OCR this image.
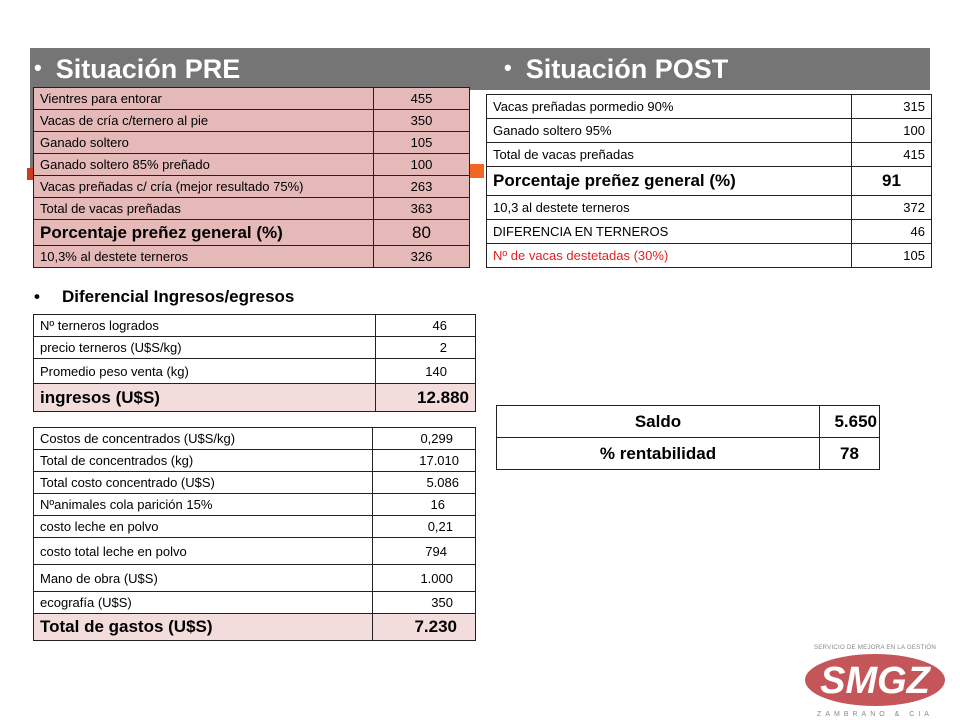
• Situación PRE	• Situación POST
Vientres para entorar	455
Vacas de cría c/ternero al pie	350
Ganado soltero	105
Ganado soltero 85% preñado	100
Vacas preñadas c/ cría (mejor resultado 75%)	263
Total de vacas preñadas	363
Porcentaje preñez general (%)	80
10,3% al destete terneros	326
Vacas preñadas pormedio 90%	315
Ganado soltero 95%	100
Total de vacas preñadas	415
Porcentaje preñez general (%)	91
10,3 al destete terneros	372
DIFERENCIA EN TERNEROS	46
Nº de vacas destetadas (30%)	105
• Diferencial Ingresos/egresos
Nº terneros logrados	46
precio terneros (U$S/kg)	2
Promedio peso venta (kg)	140
ingresos (U$S)	12.880
Costos de concentrados (U$S/kg)	0,299
Total de concentrados (kg)	17.010
Total costo concentrado (U$S)	5.086
Nºanimales cola parición 15%	16
costo leche en polvo	0,21
costo total leche en polvo	794
Mano de obra (U$S)	1.000
ecografía (U$S)	350
Total de gastos (U$S)	7.230
Saldo	5.650
% rentabilidad	78
SERVICIO DE MEJORA EN LA GESTIÓN
SMGZ
ZAMBRANO & CIA
